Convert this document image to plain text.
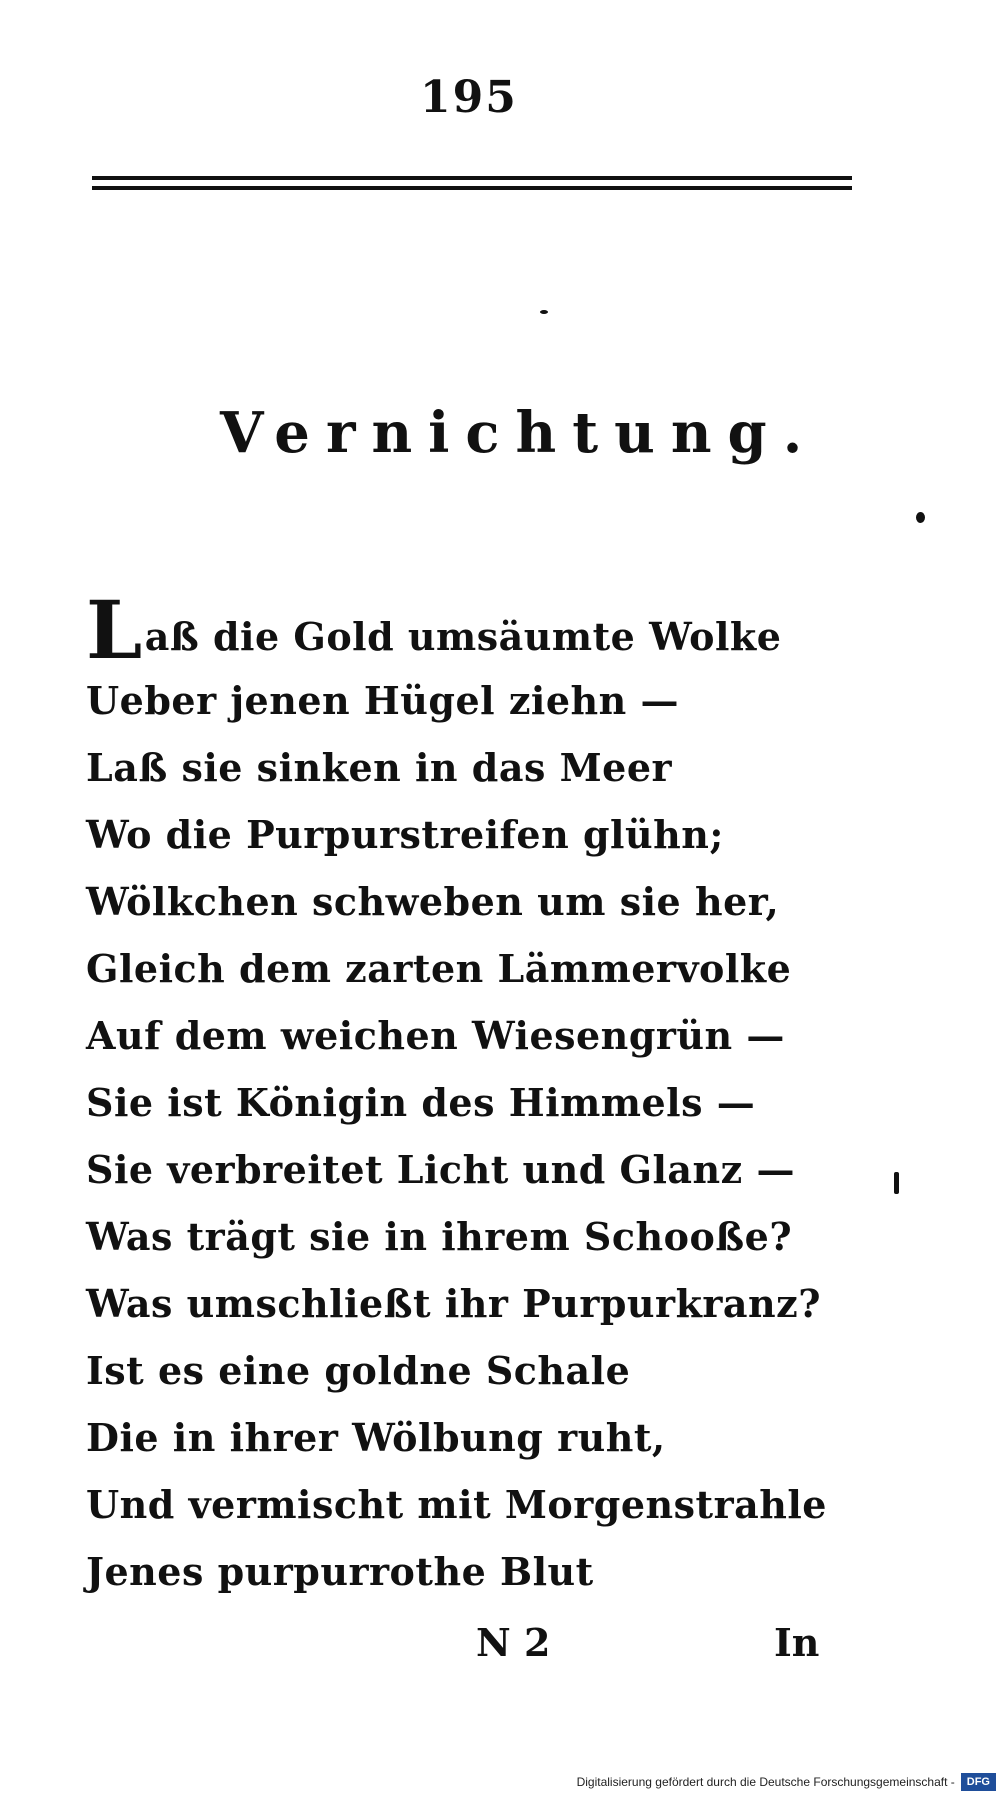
195
Vernichtung.
Laß die Gold umsäumte Wolke
Ueber jenen Hügel ziehn —
Laß sie sinken in das Meer
Wo die Purpurstreifen glühn;
Wölkchen schweben um sie her,
Gleich dem zarten Lämmervolke
Auf dem weichen Wiesengrün —
Sie ist Königin des Himmels —
Sie verbreitet Licht und Glanz —
Was trägt sie in ihrem Schooße?
Was umschließt ihr Purpurkranz?
Ist es eine goldne Schale
Die in ihrer Wölbung ruht,
Und vermischt mit Morgenstrahle
Jenes purpurrothe Blut
N 2	In
Digitalisierung gefördert durch die Deutsche Forschungsgemeinschaft -	DFG
